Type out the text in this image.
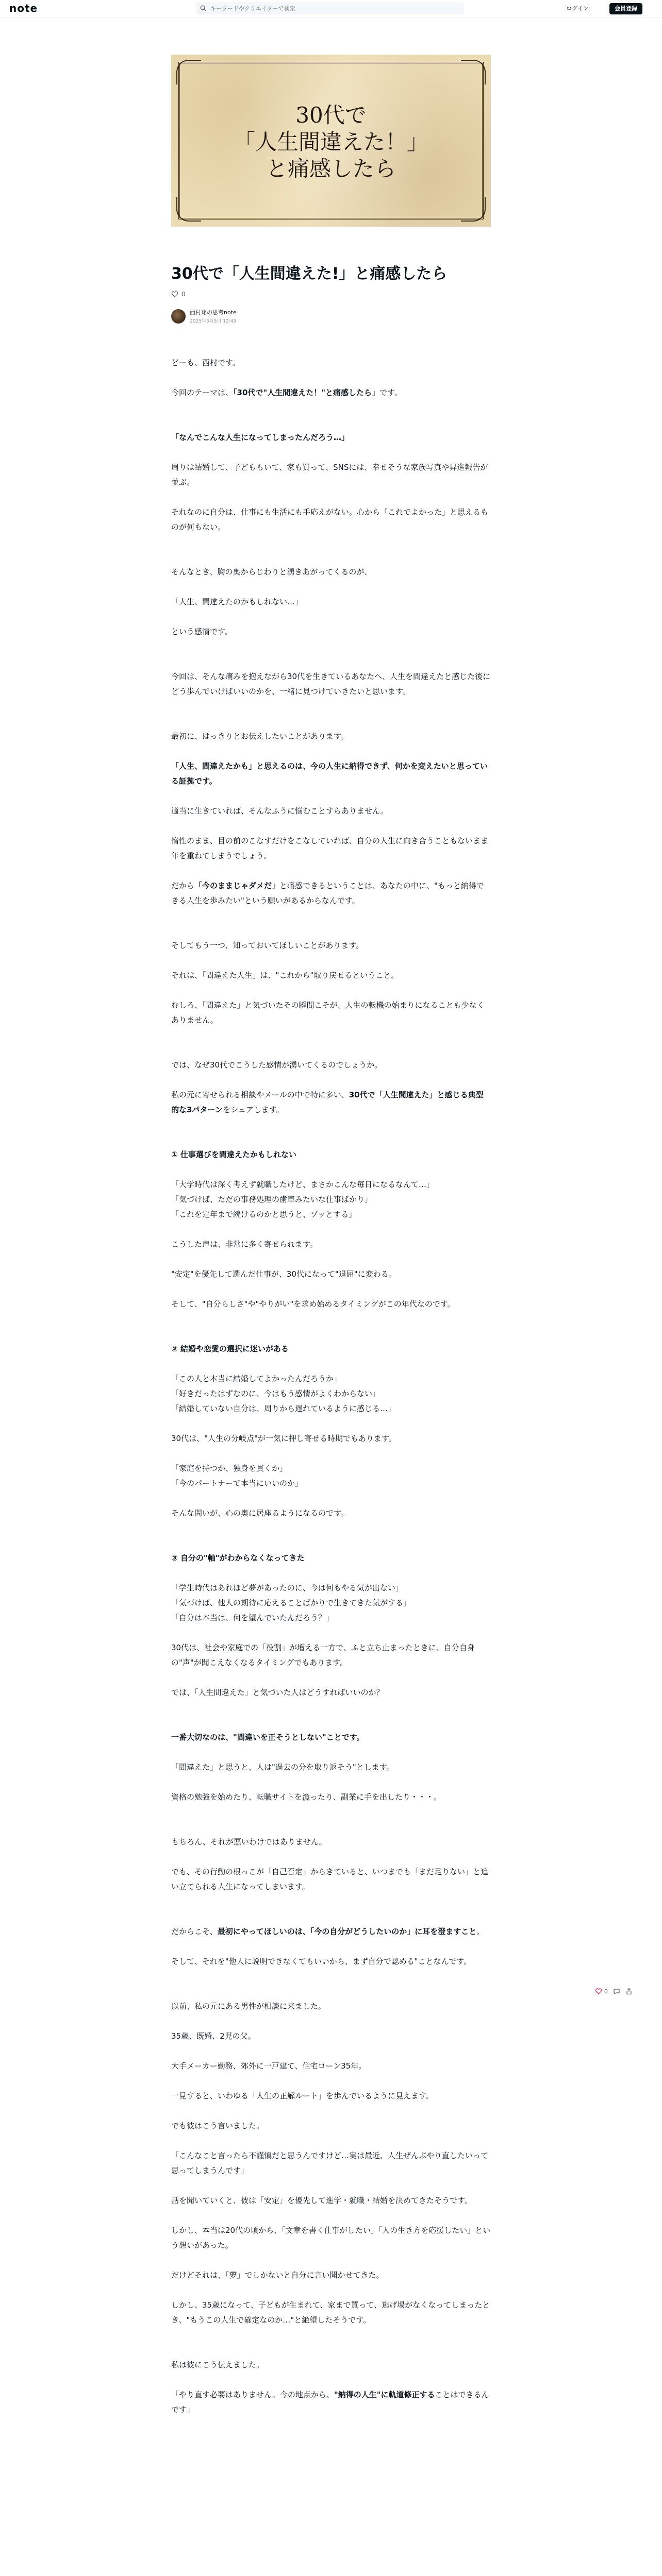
note
キーワードやクリエイターで検索	ログイン	会員登録
30代で
「人生間違えた！」
と痛感したら
30代で「人生間違えた!」と痛感したら
0
西村翔の思考note
2025年3月5日 12:43

どーも、西村です。

今回のテーマは、「30代で"人生間違えた！"と痛感したら」です。

「なんでこんな人生になってしまったんだろう…」

周りは結婚して、子どももいて、家も買って、SNSには、幸せそうな家族写真や昇進報告が並ぶ。

それなのに自分は、仕事にも生活にも手応えがない。心から「これでよかった」と思えるものが何もない。

そんなとき、胸の奥からじわりと湧きあがってくるのが、

「人生、間違えたのかもしれない…」

という感情です。

今回は、そんな痛みを抱えながら30代を生きているあなたへ、人生を間違えたと感じた後にどう歩んでいけばいいのかを、一緒に見つけていきたいと思います。

最初に、はっきりとお伝えしたいことがあります。

「人生、間違えたかも」と思えるのは、今の人生に納得できず、何かを変えたいと思っている証拠です。

適当に生きていれば、そんなふうに悩むことすらありません。

惰性のまま、目の前のこなすだけをこなしていれば、自分の人生に向き合うこともないまま年を重ねてしまうでしょう。

だから「今のままじゃダメだ」と痛感できるということは、あなたの中に、"もっと納得できる人生を歩みたい"という願いがあるからなんです。

そしてもう一つ、知っておいてほしいことがあります。

それは、「間違えた人生」は、"これから"取り戻せるということ。

むしろ、「間違えた」と気づいたその瞬間こそが、人生の転機の始まりになることも少なくありません。

では、なぜ30代でこうした感情が湧いてくるのでしょうか。

私の元に寄せられる相談やメールの中で特に多い、30代で「人生間違えた」と感じる典型的な3パターンをシェアします。

① 仕事選びを間違えたかもしれない

「大学時代は深く考えず就職したけど、まさかこんな毎日になるなんて…」

「気づけば、ただの事務処理の歯車みたいな仕事ばかり」

「これを定年まで続けるのかと思うと、ゾッとする」

こうした声は、非常に多く寄せられます。

"安定"を優先して選んだ仕事が、30代になって"退屈"に変わる。

そして、"自分らしさ"や"やりがい"を求め始めるタイミングがこの年代なのです。

② 結婚や恋愛の選択に迷いがある

「この人と本当に結婚してよかったんだろうか」

「好きだったはずなのに、今はもう感情がよくわからない」

「結婚していない自分は、周りから遅れているように感じる…」

30代は、"人生の分岐点"が一気に押し寄せる時期でもあります。

「家庭を持つか、独身を貫くか」

「今のパートナーで本当にいいのか」

そんな問いが、心の奥に居座るようになるのです。

③ 自分の"軸"がわからなくなってきた

「学生時代はあれほど夢があったのに、今は何もやる気が出ない」

「気づけば、他人の期待に応えることばかりで生きてきた気がする」

「自分は本当は、何を望んでいたんだろう？」

30代は、社会や家庭での「役割」が増える一方で、ふと立ち止まったときに、自分自身の"声"が聞こえなくなるタイミングでもあります。

では、「人生間違えた」と気づいた人はどうすればいいのか？

一番大切なのは、"間違いを正そうとしない"ことです。

「間違えた」と思うと、人は"過去の分を取り返そう"とします。

資格の勉強を始めたり、転職サイトを漁ったり、副業に手を出したり・・・。

もちろん、それが悪いわけではありません。

でも、その行動の根っこが「自己否定」からきていると、いつまでも「まだ足りない」と追い立てられる人生になってしまいます。

だからこそ、最初にやってほしいのは、「今の自分がどうしたいのか」に耳を澄ますこと。

そして、それを"他人に説明できなくてもいいから、まず自分で認める"ことなんです。

以前、私の元にある男性が相談に来ました。

35歳、既婚、2児の父。

大手メーカー勤務、郊外に一戸建て、住宅ローン35年。

一見すると、いわゆる「人生の正解ルート」を歩んでいるように見えます。

でも彼はこう言いました。

「こんなこと言ったら不謹慎だと思うんですけど…実は最近、人生ぜんぶやり直したいって思ってしまうんです」

話を聞いていくと、彼は「安定」を優先して進学・就職・結婚を決めてきたそうです。

しかし、本当は20代の頃から、「文章を書く仕事がしたい」「人の生き方を応援したい」という想いがあった。

だけどそれは、「夢」でしかないと自分に言い聞かせてきた。

しかし、35歳になって、子どもが生まれて、家まで買って、逃げ場がなくなってしまったとき、"もうこの人生で確定なのか…"と絶望したそうです。

私は彼にこう伝えました。

「やり直す必要はありません。今の地点から、"納得の人生"に軌道修正することはできるんです」

0
